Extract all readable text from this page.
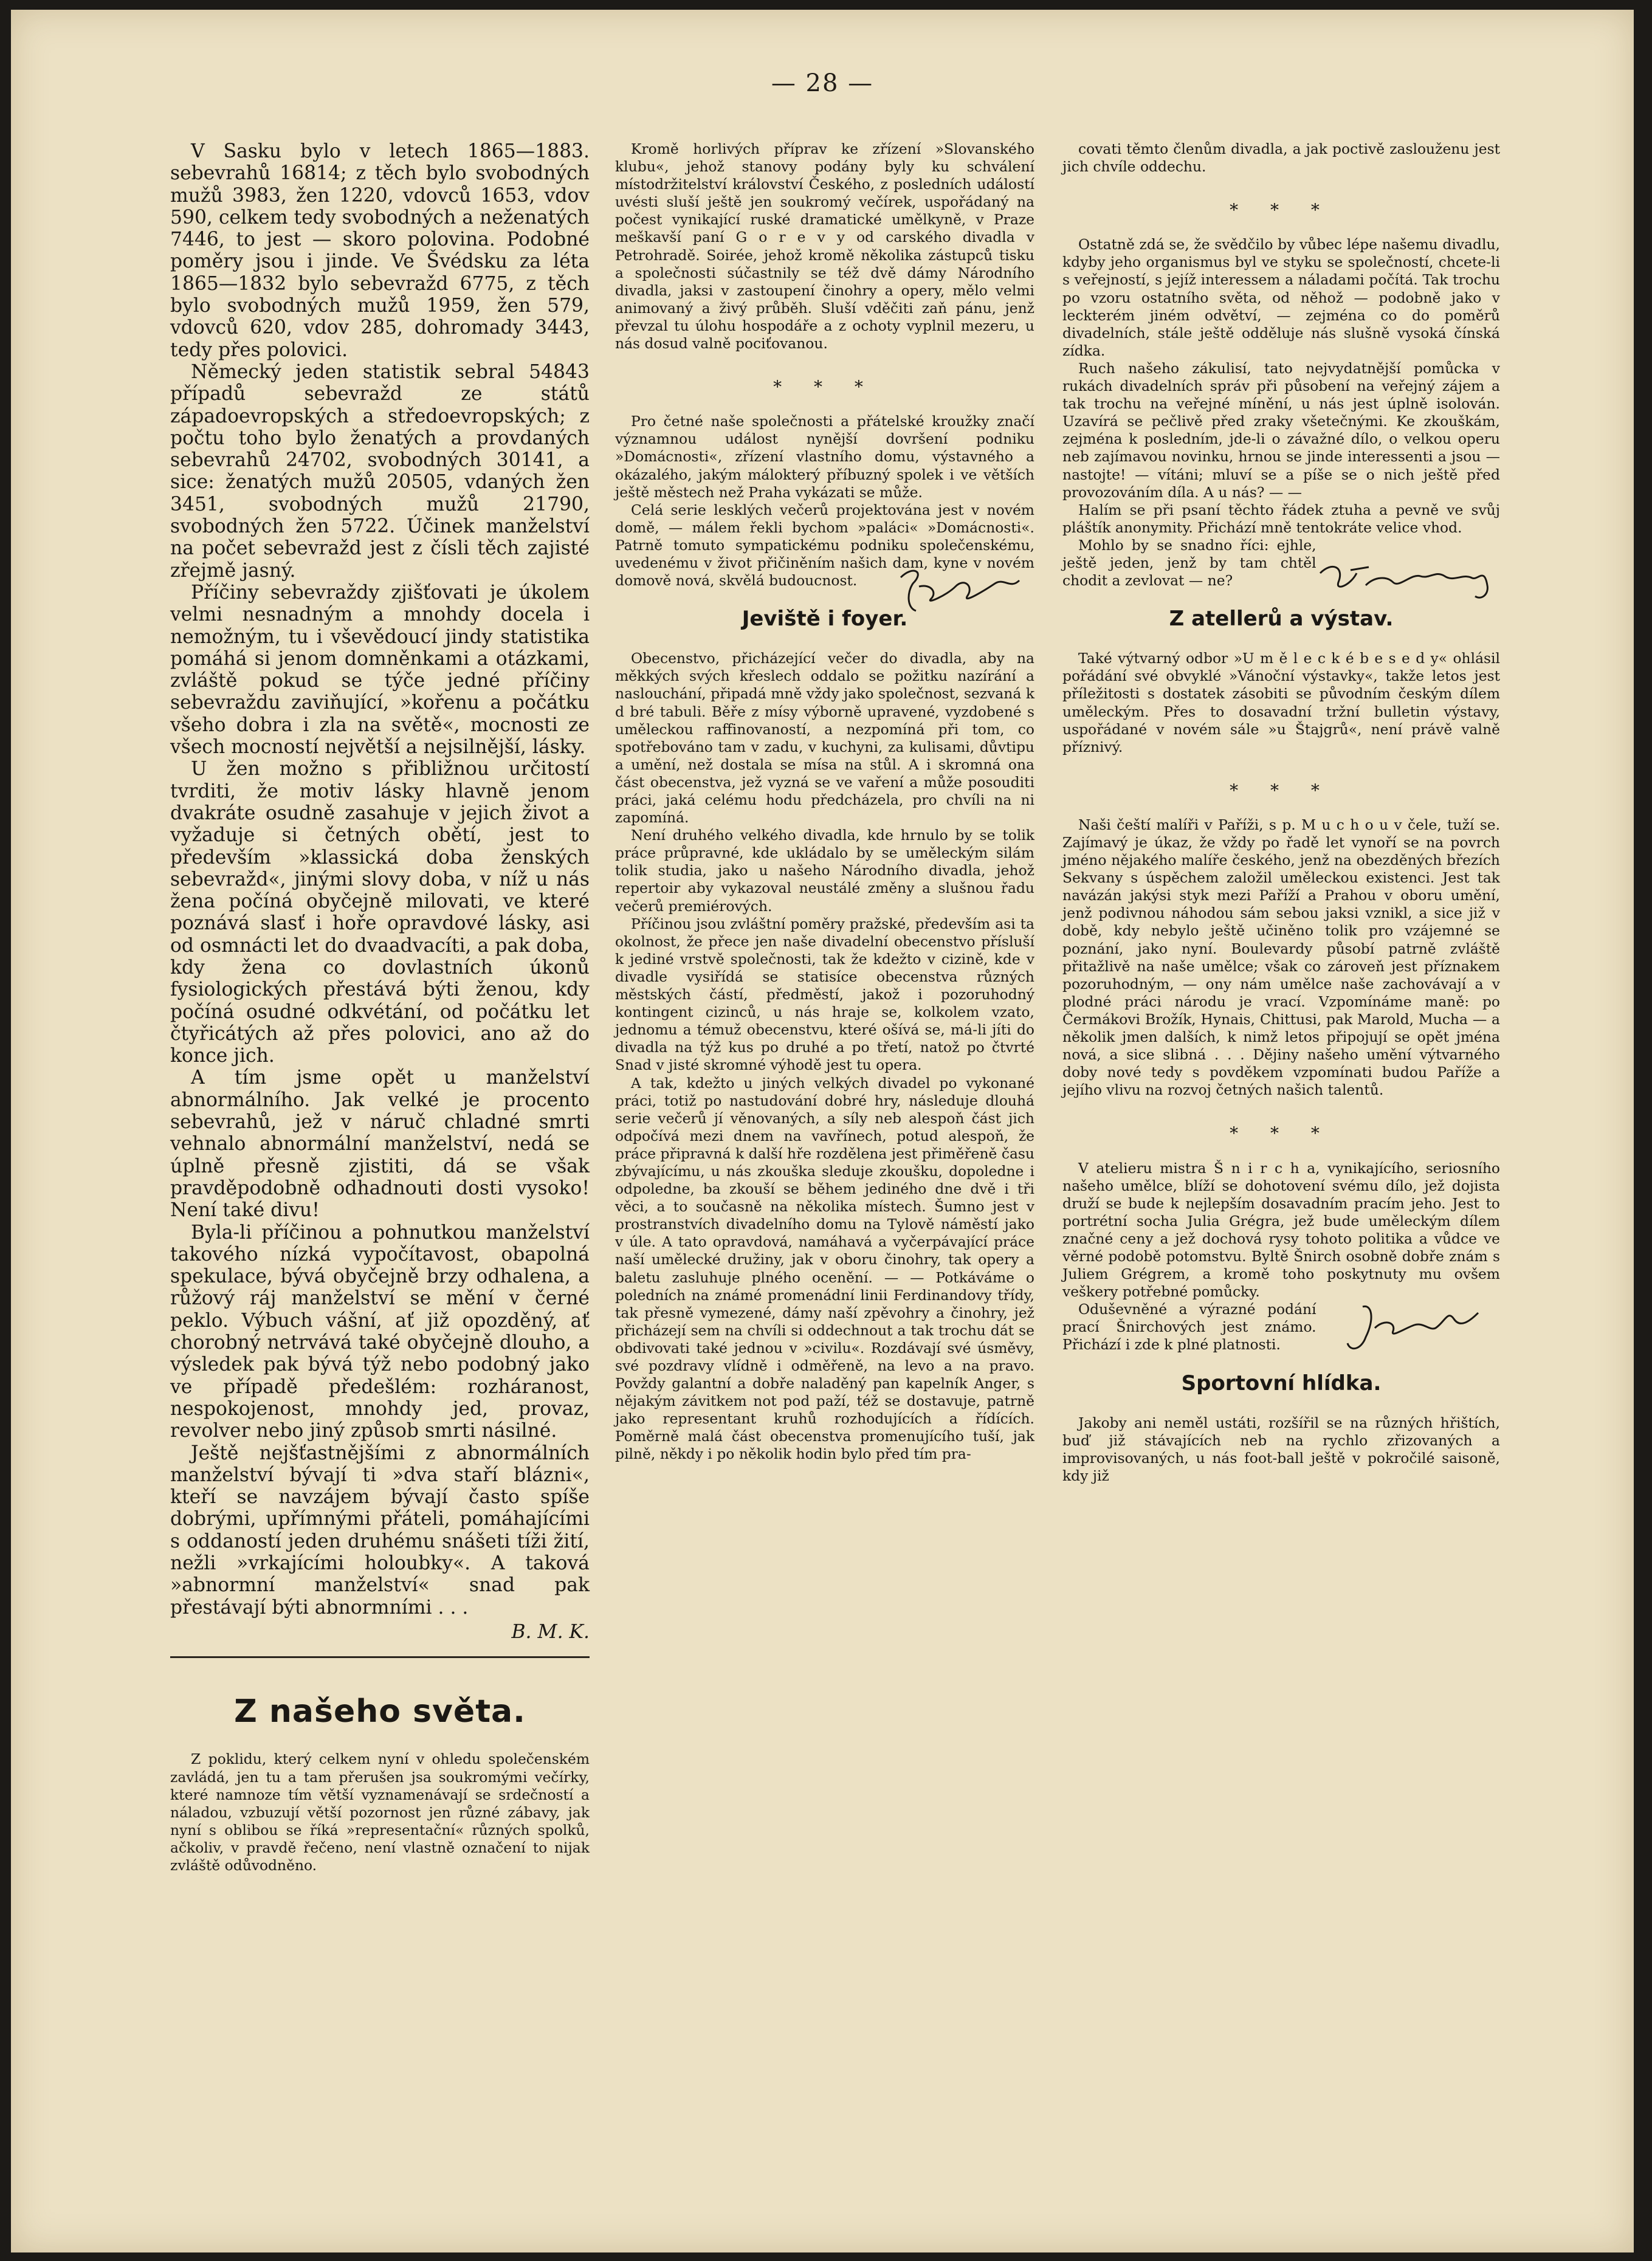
— 28 —

V Sasku bylo v letech 1865—1883. sebevrahů 16814; z těch bylo svobodných mužů 3983, žen 1220, vdovců 1653, vdov 590, celkem tedy svobodných a neženatých 7446, to jest — skoro polovina. Podobné poměry jsou i jinde. Ve Švédsku za léta 1865—1832 bylo sebevražd 6775, z těch bylo svobodných mužů 1959, žen 579, vdovců 620, vdov 285, dohromady 3443, tedy přes polovici.

Německý jeden statistik sebral 54843 případů sebevražd ze států západoevropských a středoevropských; z počtu toho bylo ženatých a provdaných sebevrahů 24702, svobodných 30141, a sice: ženatých mužů 20505, vdaných žen 3451, svobodných mužů 21790, svobodných žen 5722. Účinek manželství na počet sebevražd jest z čísli těch zajisté zřejmě jasný.

Příčiny sebevraždy zjišťovati je úkolem velmi nesnadným a mnohdy docela i nemožným, tu i vševědoucí jindy statistika pomáhá si jenom domněnkami a otázkami, zvláště pokud se týče jedné příčiny sebevraždu zaviňující, »kořenu a počátku všeho dobra i zla na světě«, mocnosti ze všech mocností největší a nejsilnější, lásky.

U žen možno s přibližnou určitostí tvrditi, že motiv lásky hlavně jenom dvakráte osudně zasahuje v jejich život a vyžaduje si četných obětí, jest to především »klassická doba ženských sebevražd«, jinými slovy doba, v níž u nás žena počíná obyčejně milovati, ve které poznává slasť i hoře opravdové lásky, asi od osmnácti let do dvaadvacíti, a pak doba, kdy žena co dovlastních úkonů fysiologických přestává býti ženou, kdy počíná osudné odkvétání, od počátku let čtyřicátých až přes polovici, ano až do konce jich.

A tím jsme opět u manželství abnormálního. Jak velké je procento sebevrahů, jež v náruč chladné smrti vehnalo abnormální manželství, nedá se úplně přesně zjistiti, dá se však pravděpodobně odhadnouti dosti vysoko! Není také divu!

Byla-li příčinou a pohnutkou manželství takového nízká vypočítavost, obapolná spekulace, bývá obyčejně brzy odhalena, a růžový ráj manželství se mění v černé peklo. Výbuch vášní, ať již opozděný, ať chorobný netrvává také obyčejně dlouho, a výsledek pak bývá týž nebo podobný jako ve případě předešlém: rozháranost, nespokojenost, mnohdy jed, provaz, revolver nebo jiný způsob smrti násilné.

Ještě nejšťastnějšími z abnormálních manželství bývají ti »dva staří blázni«, kteří se navzájem bývají často spíše dobrými, upřímnými přáteli, pomáhajícími s oddaností jeden druhému snášeti tíži žití, nežli »vrkajícími holoubky«. A taková »abnormní manželství« snad pak přestávají býti abnormními . . .

B. M. K.
Z našeho světa.

Z poklidu, který celkem nyní v ohledu společenském zavládá, jen tu a tam přerušen jsa soukromými večírky, které namnoze tím větší vyznamenávají se srdečností a náladou, vzbuzují větší pozornost jen různé zábavy, jak nyní s oblibou se říká »representační« různých spolků, ačkoliv, v pravdě řečeno, není vlastně označení to nijak zvláště odůvodněno.

Kromě horlivých příprav ke zřízení »Slovanského klubu«, jehož stanovy podány byly ku schválení místodržitelství království Českého, z posledních událostí uvésti sluší ještě jen soukromý večírek, uspořádaný na počest vynikající ruské dramatické umělkyně, v Praze meškavší paní G o r e v y od carského divadla v Petrohradě. Soirée, jehož kromě několika zástupců tisku a společnosti súčastnily se též dvě dámy Národního divadla, jaksi v zastoupení činohry a opery, mělo velmi animovaný a živý průběh. Sluší vděčiti zaň pánu, jenž převzal tu úlohu hospodáře a z ochoty vyplnil mezeru, u nás dosud valně pociťovanou.

* * *

Pro četné naše společnosti a přátelské kroužky značí významnou událost nynější dovršení podniku »Domácnosti«, zřízení vlastního domu, výstavného a okázalého, jakým málokterý příbuzný spolek i ve větších ještě městech než Praha vykázati se může.

Celá serie lesklých večerů projektována jest v novém domě, — málem řekli bychom »paláci« »Domácnosti«. Patrně tomuto sympatickému podniku společenskému, uvedenému v život přičiněním našich dam, kyne v novém domově nová, skvělá budoucnost.

Jeviště i foyer.

Obecenstvo, přicházející večer do divadla, aby na měkkých svých křeslech oddalo se požitku nazírání a naslouchání, připadá mně vždy jako společnost, sezvaná k d bré tabuli. Běře z mísy výborně upravené, vyzdobené s uměleckou raffinovaností, a nezpomíná při tom, co spotřebováno tam v zadu, v kuchyni, za kulisami, důvtipu a umění, než dostala se mísa na stůl. A i skromná ona část obecenstva, jež vyzná se ve vaření a může posouditi práci, jaká celému hodu předcházela, pro chvíli na ni zapomíná.

Není druhého velkého divadla, kde hrnulo by se tolik práce průpravné, kde ukládalo by se uměleckým silám tolik studia, jako u našeho Národního divadla, jehož repertoir aby vykazoval neustálé změny a slušnou řadu večerů premiérových.

Příčinou jsou zvláštní poměry pražské, především asi ta okolnost, že přece jen naše divadelní obecenstvo přísluší k jediné vrstvě společnosti, tak že kdežto v cizině, kde v divadle vysiřídá se statisíce obecenstva různých městských částí, předměstí, jakož i pozoruhodný kontingent cizinců, u nás hraje se, kolkolem vzato, jednomu a témuž obecenstvu, které ošívá se, má-li jíti do divadla na týž kus po druhé a po třetí, natož po čtvrté Snad v jisté skromné výhodě jest tu opera.

A tak, kdežto u jiných velkých divadel po vykonané práci, totiž po nastudování dobré hry, následuje dlouhá serie večerů jí věnovaných, a síly neb alespoň část jich odpočívá mezi dnem na vavřínech, potud alespoň, že práce připravná k další hře rozdělena jest přiměřeně času zbývajícímu, u nás zkouška sleduje zkoušku, dopoledne i odpoledne, ba zkouší se během jediného dne dvě i tři věci, a to současně na několika místech. Šumno jest v prostranstvích divadelního domu na Tylově náměstí jako v úle. A tato opravdová, namáhavá a vyčerpávající práce naší umělecké družiny, jak v oboru činohry, tak opery a baletu zasluhuje plného ocenění. — — Potkáváme o poledních na známé promenádní linii Ferdinandovy třídy, tak přesně vymezené, dámy naší zpěvohry a činohry, jež přicházejí sem na chvíli si oddechnout a tak trochu dát se obdivovati také jednou v »civilu«. Rozdávají své úsměvy, své pozdravy vlídně i odměřeně, na levo a na pravo. Povždy galantní a dobře naladěný pan kapelník Anger, s nějakým závitkem not pod paží, též se dostavuje, patrně jako representant kruhů rozhodujících a řídících. Poměrně malá část obecenstva promenujícího tuší, jak pilně, někdy i po několik hodin bylo před tím pra-

covati těmto členům divadla, a jak poctivě zaslouženu jest jich chvíle oddechu.

* * *

Ostatně zdá se, že svědčilo by vůbec lépe našemu divadlu, kdyby jeho organismus byl ve styku se společností, chcete-li s veřejností, s jejíž interessem a náladami počítá. Tak trochu po vzoru ostatního světa, od něhož — podobně jako v leckterém jiném odvětví, — zejména co do poměrů divadelních, stále ještě odděluje nás slušně vysoká čínská zídka.

Ruch našeho zákulisí, tato nejvydatnější pomůcka v rukách divadelních správ při působení na veřejný zájem a tak trochu na veřejné mínění, u nás jest úplně isolován. Uzavírá se pečlivě před zraky všetečnými. Ke zkouškám, zejména k posledním, jde-li o závažné dílo, o velkou operu neb zajímavou novinku, hrnou se jinde interessenti a jsou — nastojte! — vítáni; mluví se a píše se o nich ještě před provozováním díla. A u nás? — —

Halím se při psaní těchto řádek ztuha a pevně ve svůj pláštík anonymity. Přichází mně tentokráte velice vhod.

Mohlo by se snadno říci: ejhle, ještě jeden, jenž by tam chtěl chodit a zevlovat — ne?

Z atellerů a výstav.

Také výtvarný odbor »U m ě l e c k é b e s e d y« ohlásil pořádání své obvyklé »Vánoční výstavky«, takže letos jest příležitosti s dostatek zásobiti se původním českým dílem uměleckým. Přes to dosavadní tržní bulletin výstavy, uspořádané v novém sále »u Štajgrů«, není právě valně příznivý.

* * *

Naši čeští malíři v Paříži, s p. M u c h o u v čele, tuží se. Zajímavý je úkaz, že vždy po řadě let vynoří se na povrch jméno nějakého malíře českého, jenž na obezděných březích Sekvany s úspěchem založil uměleckou existenci. Jest tak navázán jakýsi styk mezi Paříží a Prahou v oboru umění, jenž podivnou náhodou sám sebou jaksi vznikl, a sice již v době, kdy nebylo ještě učiněno tolik pro vzájemné se poznání, jako nyní. Boulevardy působí patrně zvláště přitažlivě na naše umělce; však co zároveň jest příznakem pozoruhodným, — ony nám umělce naše zachovávají a v plodné práci národu je vrací. Vzpomínáme maně: po Čermákovi Brožík, Hynais, Chittusi, pak Marold, Mucha — a několik jmen dalších, k nimž letos připojují se opět jména nová, a sice slibná . . . Dějiny našeho umění výtvarného doby nové tedy s povděkem vzpomínati budou Paříže a jejího vlivu na rozvoj četných našich talentů.

* * *

V atelieru mistra Š n i r c h a, vynikajícího, seriosního našeho umělce, blíží se dohotovení svému dílo, jež dojista druží se bude k nejlepším dosavadním pracím jeho. Jest to portrétní socha Julia Grégra, jež bude uměleckým dílem značné ceny a jež dochová rysy tohoto politika a vůdce ve věrné podobě potomstvu. Byltě Šnirch osobně dobře znám s Juliem Grégrem, a kromě toho poskytnuty mu ovšem veškery potřebné pomůcky.

Oduševněné a výrazné podání prací Šnirchových jest známo. Přichází i zde k plné platnosti.

Sportovní hlídka.

Jakoby ani neměl ustáti, rozšířil se na různých hřištích, buď již stávajících neb na rychlo zřizovaných a improvisovaných, u nás foot-ball ještě v pokročilé saisoně, kdy již
